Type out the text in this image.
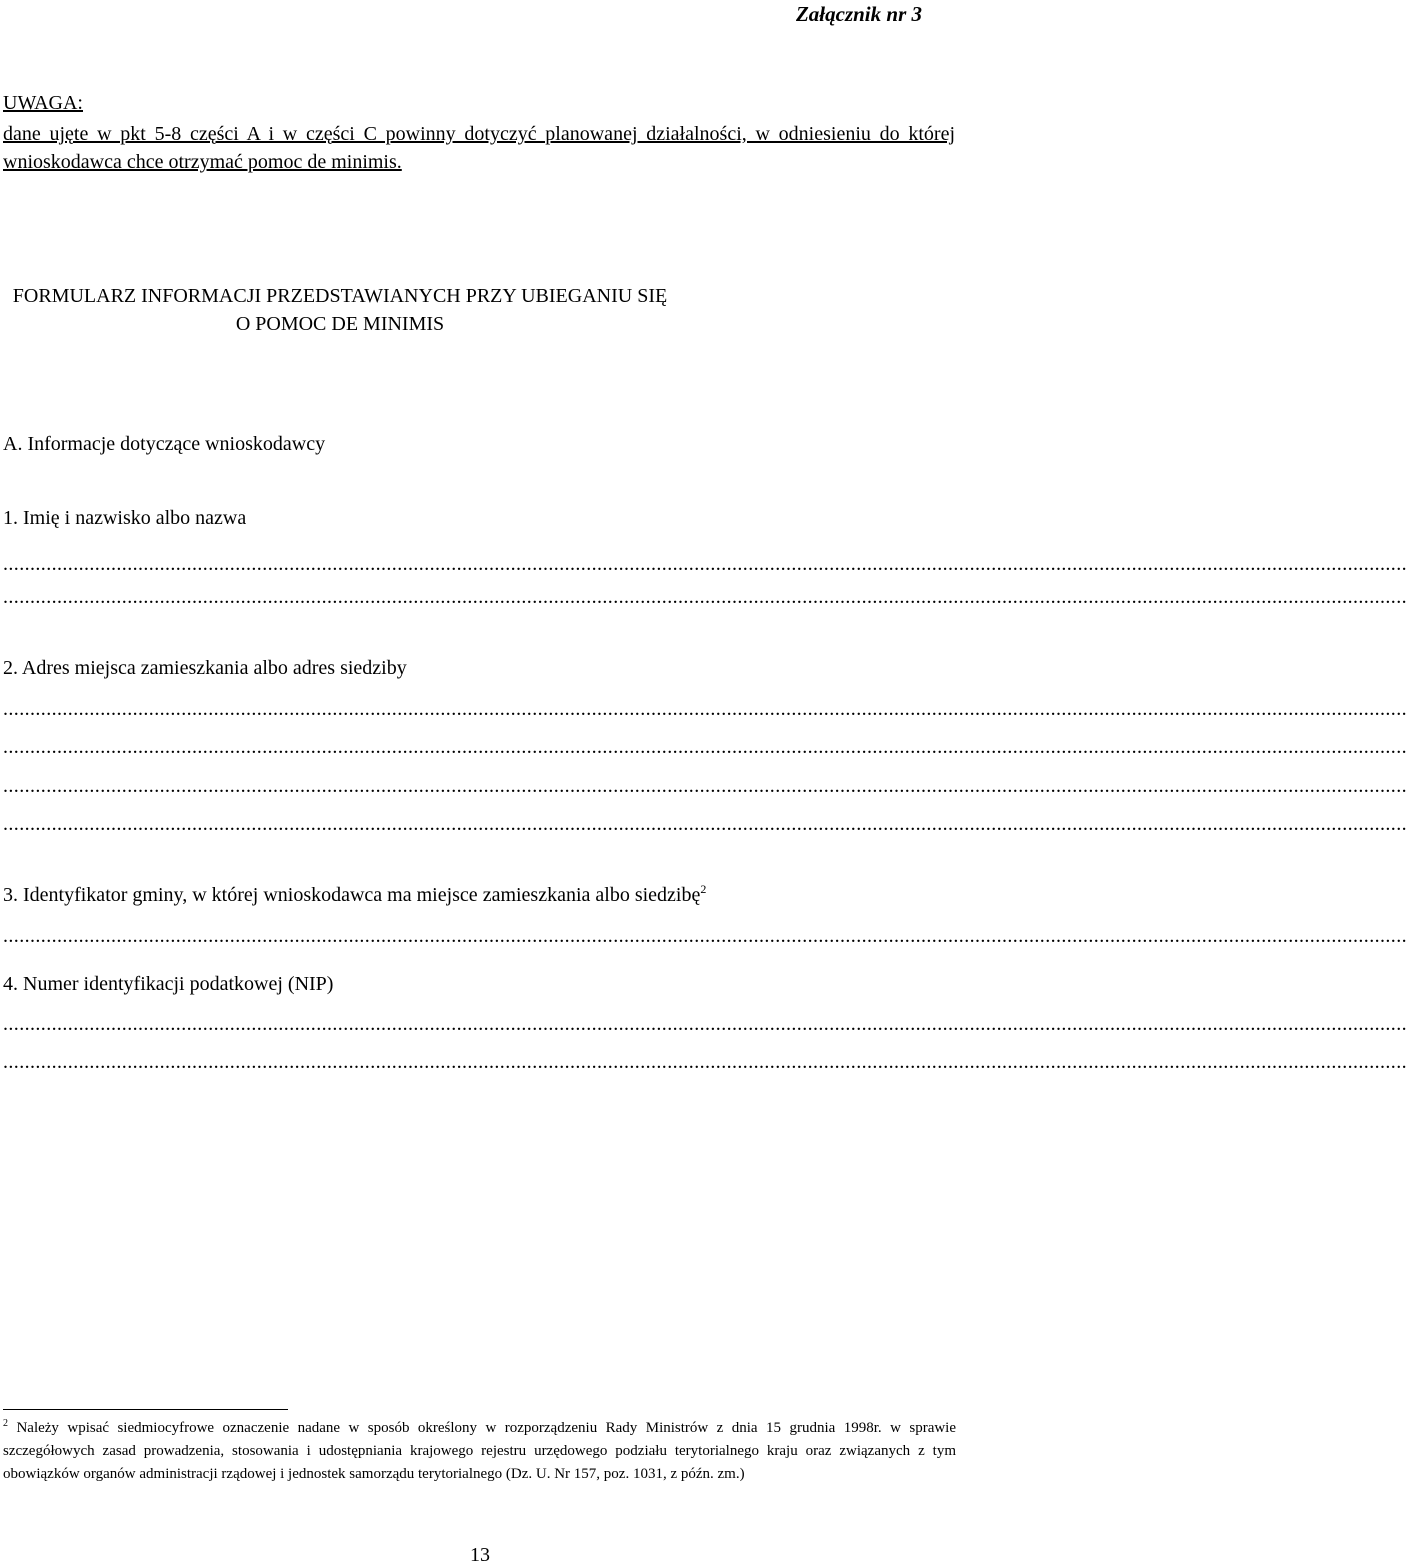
Załącznik nr 3
UWAGA:
dane ujęte w pkt 5-8 części A i w części C powinny dotyczyć planowanej działalności, w odniesieniu do której wnioskodawca chce otrzymać pomoc de minimis.
FORMULARZ INFORMACJI PRZEDSTAWIANYCH PRZY UBIEGANIU SIĘ
O POMOC DE MINIMIS
A. Informacje dotyczące wnioskodawcy
1. Imię i nazwisko albo nazwa
....................................................................................................................................................................................................................................................................
....................................................................................................................................................................................................................................................................
2. Adres miejsca zamieszkania albo adres siedziby
....................................................................................................................................................................................................................................................................
....................................................................................................................................................................................................................................................................
....................................................................................................................................................................................................................................................................
....................................................................................................................................................................................................................................................................
3. Identyfikator gminy, w której wnioskodawca ma miejsce zamieszkania albo siedzibę$^2$
....................................................................................................................................................................................................................................................................
4. Numer identyfikacji podatkowej (NIP)
....................................................................................................................................................................................................................................................................
....................................................................................................................................................................................................................................................................
$^2$ Należy wpisać siedmiocyfrowe oznaczenie nadane w sposób określony w rozporządzeniu Rady Ministrów z dnia 15 grudnia 1998r. w sprawie szczegółowych zasad prowadzenia, stosowania i udostępniania krajowego rejestru urzędowego podziału terytorialnego kraju oraz związanych z tym obowiązków organów administracji rządowej i jednostek samorządu terytorialnego (Dz. U. Nr 157, poz. 1031, z późn. zm.)
13
